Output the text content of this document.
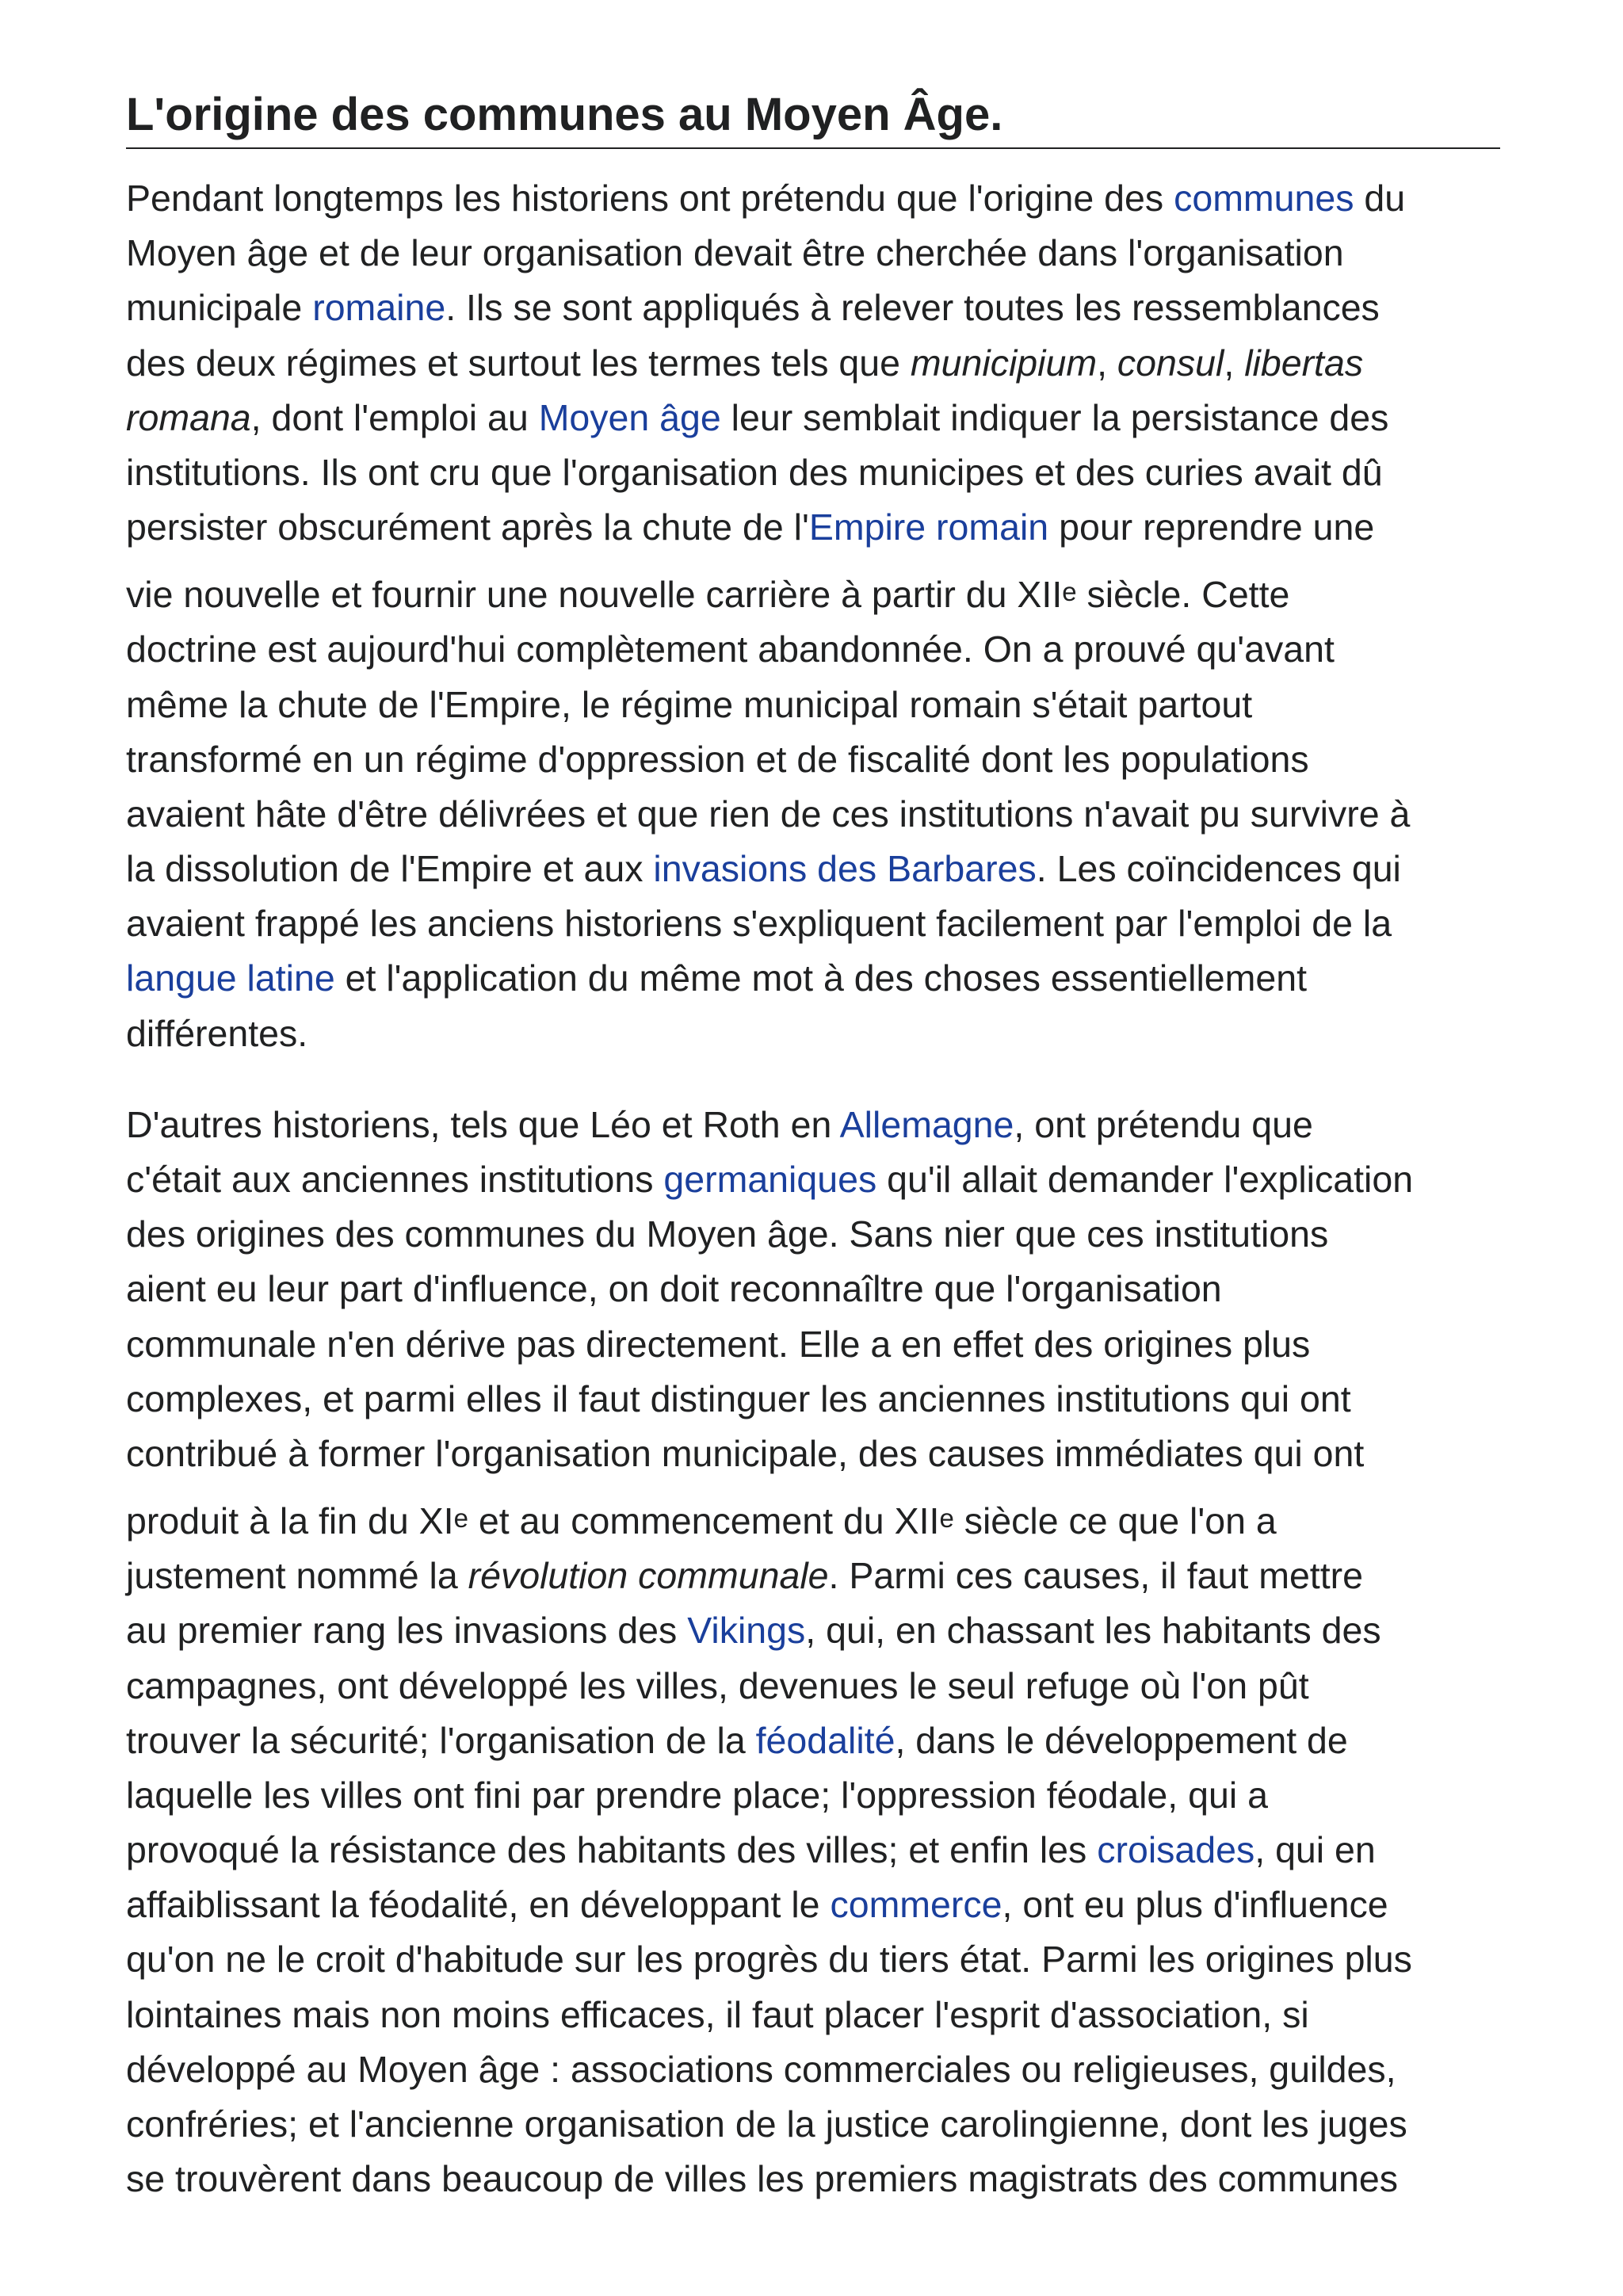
L'origine des communes au Moyen Âge.

Pendant longtemps les historiens ont prétendu que l'origine des communes du
Moyen âge et de leur organisation devait être cherchée dans l'organisation
municipale romaine. Ils se sont appliqués à relever toutes les ressemblances
des deux régimes et surtout les termes tels que municipium, consul, libertas
romana, dont l'emploi au Moyen âge leur semblait indiquer la persistance des
institutions. Ils ont cru que l'organisation des municipes et des curies avait dû
persister obscurément après la chute de l'Empire romain pour reprendre une
vie nouvelle et fournir une nouvelle carrière à partir du XIIe siècle. Cette
doctrine est aujourd'hui complètement abandonnée. On a prouvé qu'avant
même la chute de l'Empire, le régime municipal romain s'était partout
transformé en un régime d'oppression et de fiscalité dont les populations
avaient hâte d'être délivrées et que rien de ces institutions n'avait pu survivre à
la dissolution de l'Empire et aux invasions des Barbares. Les coïncidences qui
avaient frappé les anciens historiens s'expliquent facilement par l'emploi de la
langue latine et l'application du même mot à des choses essentiellement
différentes.

D'autres historiens, tels que Léo et Roth en Allemagne, ont prétendu que
c'était aux anciennes institutions germaniques qu'il allait demander l'explication
des origines des communes du Moyen âge. Sans nier que ces institutions
aient eu leur part d'influence, on doit reconnaîltre que l'organisation
communale n'en dérive pas directement. Elle a en effet des origines plus
complexes, et parmi elles il faut distinguer les anciennes institutions qui ont
contribué à former l'organisation municipale, des causes immédiates qui ont
produit à la fin du XIe et au commencement du XIIe siècle ce que l'on a
justement nommé la révolution communale. Parmi ces causes, il faut mettre
au premier rang les invasions des Vikings, qui, en chassant les habitants des
campagnes, ont développé les villes, devenues le seul refuge où l'on pût
trouver la sécurité; l'organisation de la féodalité, dans le développement de
laquelle les villes ont fini par prendre place; l'oppression féodale, qui a
provoqué la résistance des habitants des villes; et enfin les croisades, qui en
affaiblissant la féodalité, en développant le commerce, ont eu plus d'influence
qu'on ne le croit d'habitude sur les progrès du tiers état. Parmi les origines plus
lointaines mais non moins efficaces, il faut placer l'esprit d'association, si
développé au Moyen âge : associations commerciales ou religieuses, guildes,
confréries; et l'ancienne organisation de la justice carolingienne, dont les juges
se trouvèrent dans beaucoup de villes les premiers magistrats des communes
